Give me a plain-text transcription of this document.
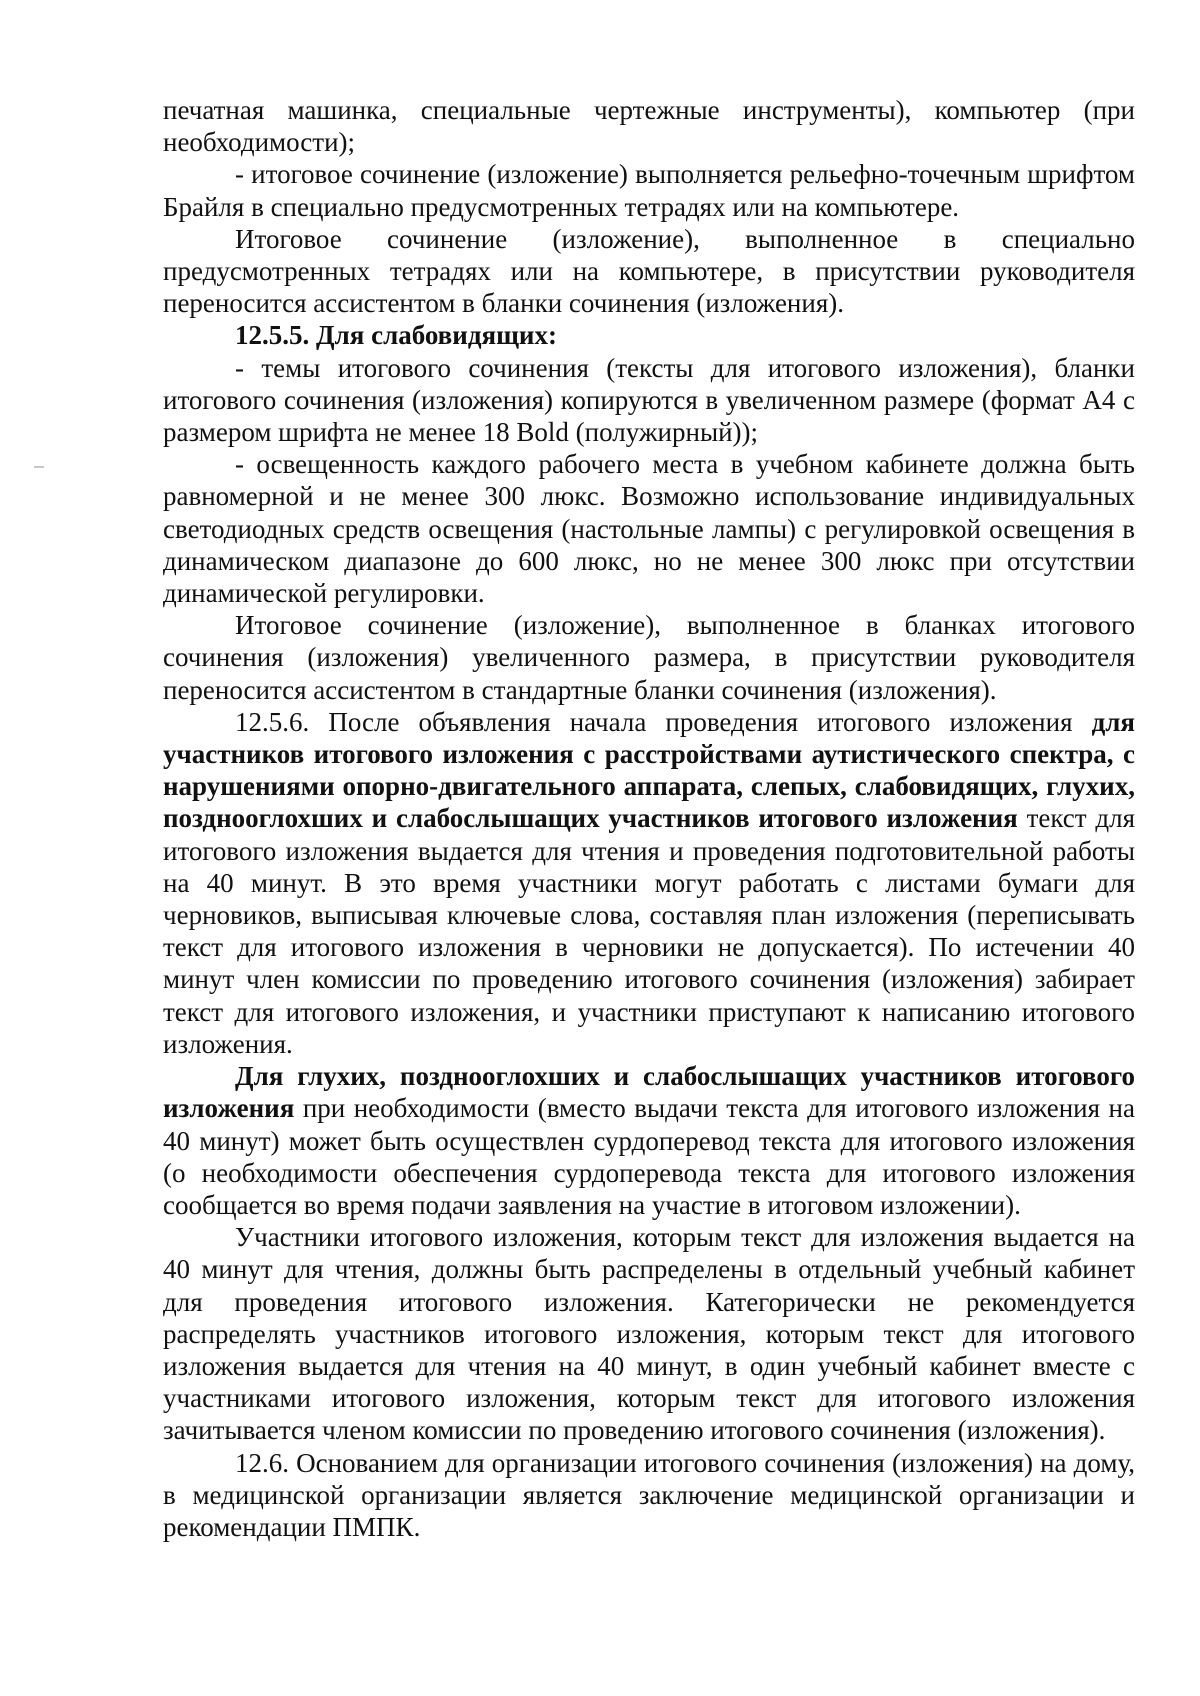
печатная машинка, специальные чертежные инструменты), компьютер (при необходимости);

- итоговое сочинение (изложение) выполняется рельефно-точечным шрифтом Брайля в специально предусмотренных тетрадях или на компьютере.

Итоговое сочинение (изложение), выполненное в специально предусмотренных тетрадях или на компьютере, в присутствии руководителя переносится ассистентом в бланки сочинения (изложения).

12.5.5. Для слабовидящих:

- темы итогового сочинения (тексты для итогового изложения), бланки итогового сочинения (изложения) копируются в увеличенном размере (формат А4 с размером шрифта не менее 18 Bold (полужирный));

- освещенность каждого рабочего места в учебном кабинете должна быть равномерной и не менее 300 люкс. Возможно использование индивидуальных светодиодных средств освещения (настольные лампы) с регулировкой освещения в динамическом диапазоне до 600 люкс, но не менее 300 люкс при отсутствии динамической регулировки.

Итоговое сочинение (изложение), выполненное в бланках итогового сочинения (изложения) увеличенного размера, в присутствии руководителя переносится ассистентом в стандартные бланки сочинения (изложения).

12.5.6. После объявления начала проведения итогового изложения для участников итогового изложения с расстройствами аутистического спектра, с нарушениями опорно-двигательного аппарата, слепых, слабовидящих, глухих, позднооглохших и слабослышащих участников итогового изложения текст для итогового изложения выдается для чтения и проведения подготовительной работы на 40 минут. В это время участники могут работать с листами бумаги для черновиков, выписывая ключевые слова, составляя план изложения (переписывать текст для итогового изложения в черновики не допускается). По истечении 40 минут член комиссии по проведению итогового сочинения (изложения) забирает текст для итогового изложения, и участники приступают к написанию итогового изложения.

Для глухих, позднооглохших и слабослышащих участников итогового изложения при необходимости (вместо выдачи текста для итогового изложения на 40 минут) может быть осуществлен сурдоперевод текста для итогового изложения (о необходимости обеспечения сурдоперевода текста для итогового изложения сообщается во время подачи заявления на участие в итоговом изложении).

Участники итогового изложения, которым текст для изложения выдается на 40 минут для чтения, должны быть распределены в отдельный учебный кабинет для проведения итогового изложения. Категорически не рекомендуется распределять участников итогового изложения, которым текст для итогового изложения выдается для чтения на 40 минут, в один учебный кабинет вместе с участниками итогового изложения, которым текст для итогового изложения зачитывается членом комиссии по проведению итогового сочинения (изложения).

12.6. Основанием для организации итогового сочинения (изложения) на дому, в медицинской организации является заключение медицинской организации и рекомендации ПМПК.
